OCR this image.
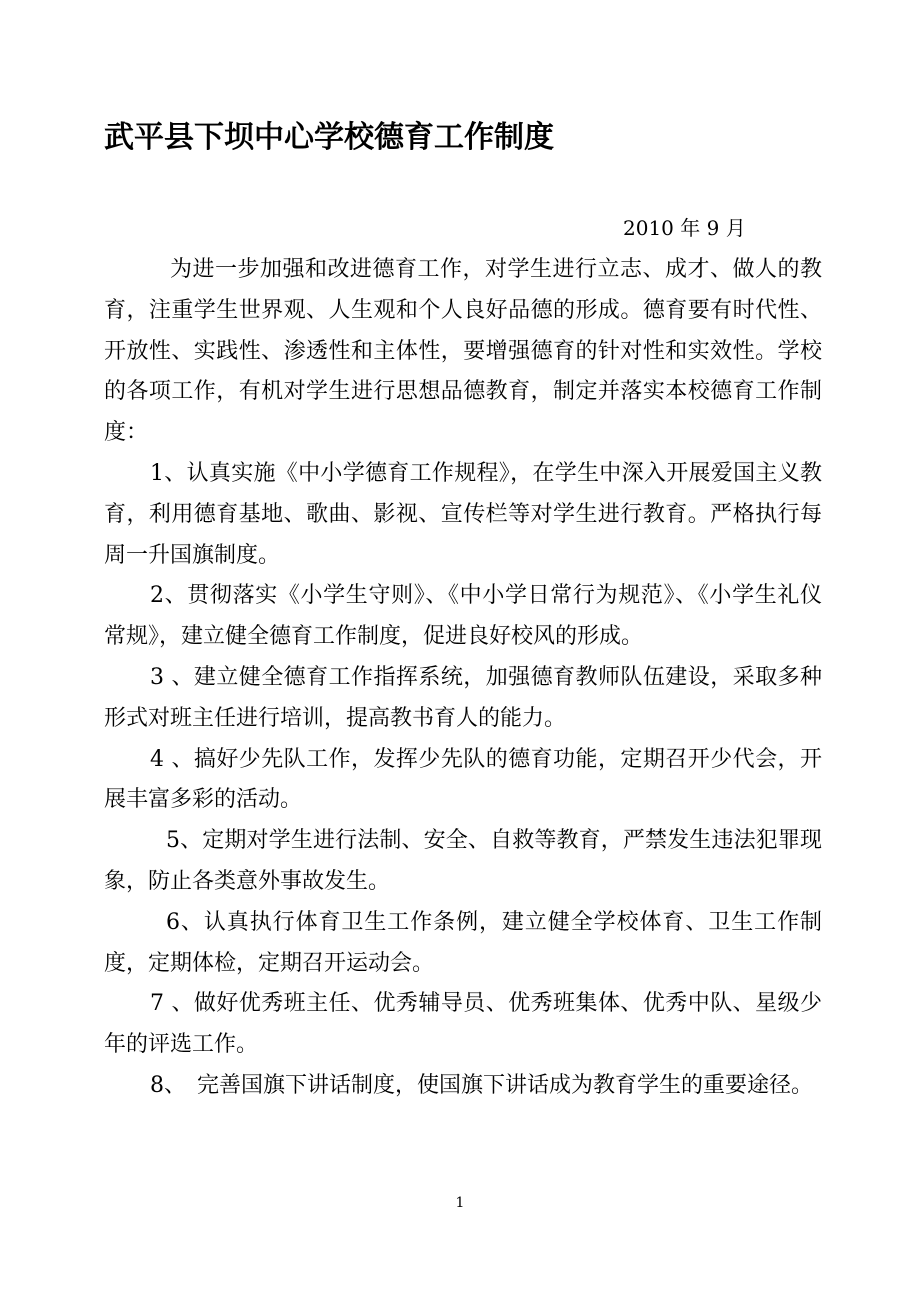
武平县下坝中心学校德育工作制度
2010 年 9 月

为进一步加强和改进德育工作，对学生进行立志、成才、做人的教育，注重学生世界观、人生观和个人良好品德的形成。德育要有时代性、开放性、实践性、渗透性和主体性，要增强德育的针对性和实效性。学校的各项工作，有机对学生进行思想品德教育，制定并落实本校德育工作制度：

1、认真实施《中小学德育工作规程》，在学生中深入开展爱国主义教育，利用德育基地、歌曲、影视、宣传栏等对学生进行教育。严格执行每周一升国旗制度。

2、贯彻落实《小学生守则》、《中小学日常行为规范》、《小学生礼仪常规》，建立健全德育工作制度，促进良好校风的形成。

3 、建立健全德育工作指挥系统，加强德育教师队伍建设，采取多种形式对班主任进行培训，提高教书育人的能力。

4 、搞好少先队工作，发挥少先队的德育功能，定期召开少代会，开展丰富多彩的活动。

5、定期对学生进行法制、安全、自救等教育，严禁发生违法犯罪现象，防止各类意外事故发生。

6、认真执行体育卫生工作条例，建立健全学校体育、卫生工作制度，定期体检，定期召开运动会。

7 、做好优秀班主任、优秀辅导员、优秀班集体、优秀中队、星级少年的评选工作。

8、　完善国旗下讲话制度，使国旗下讲话成为教育学生的重要途径。

1
